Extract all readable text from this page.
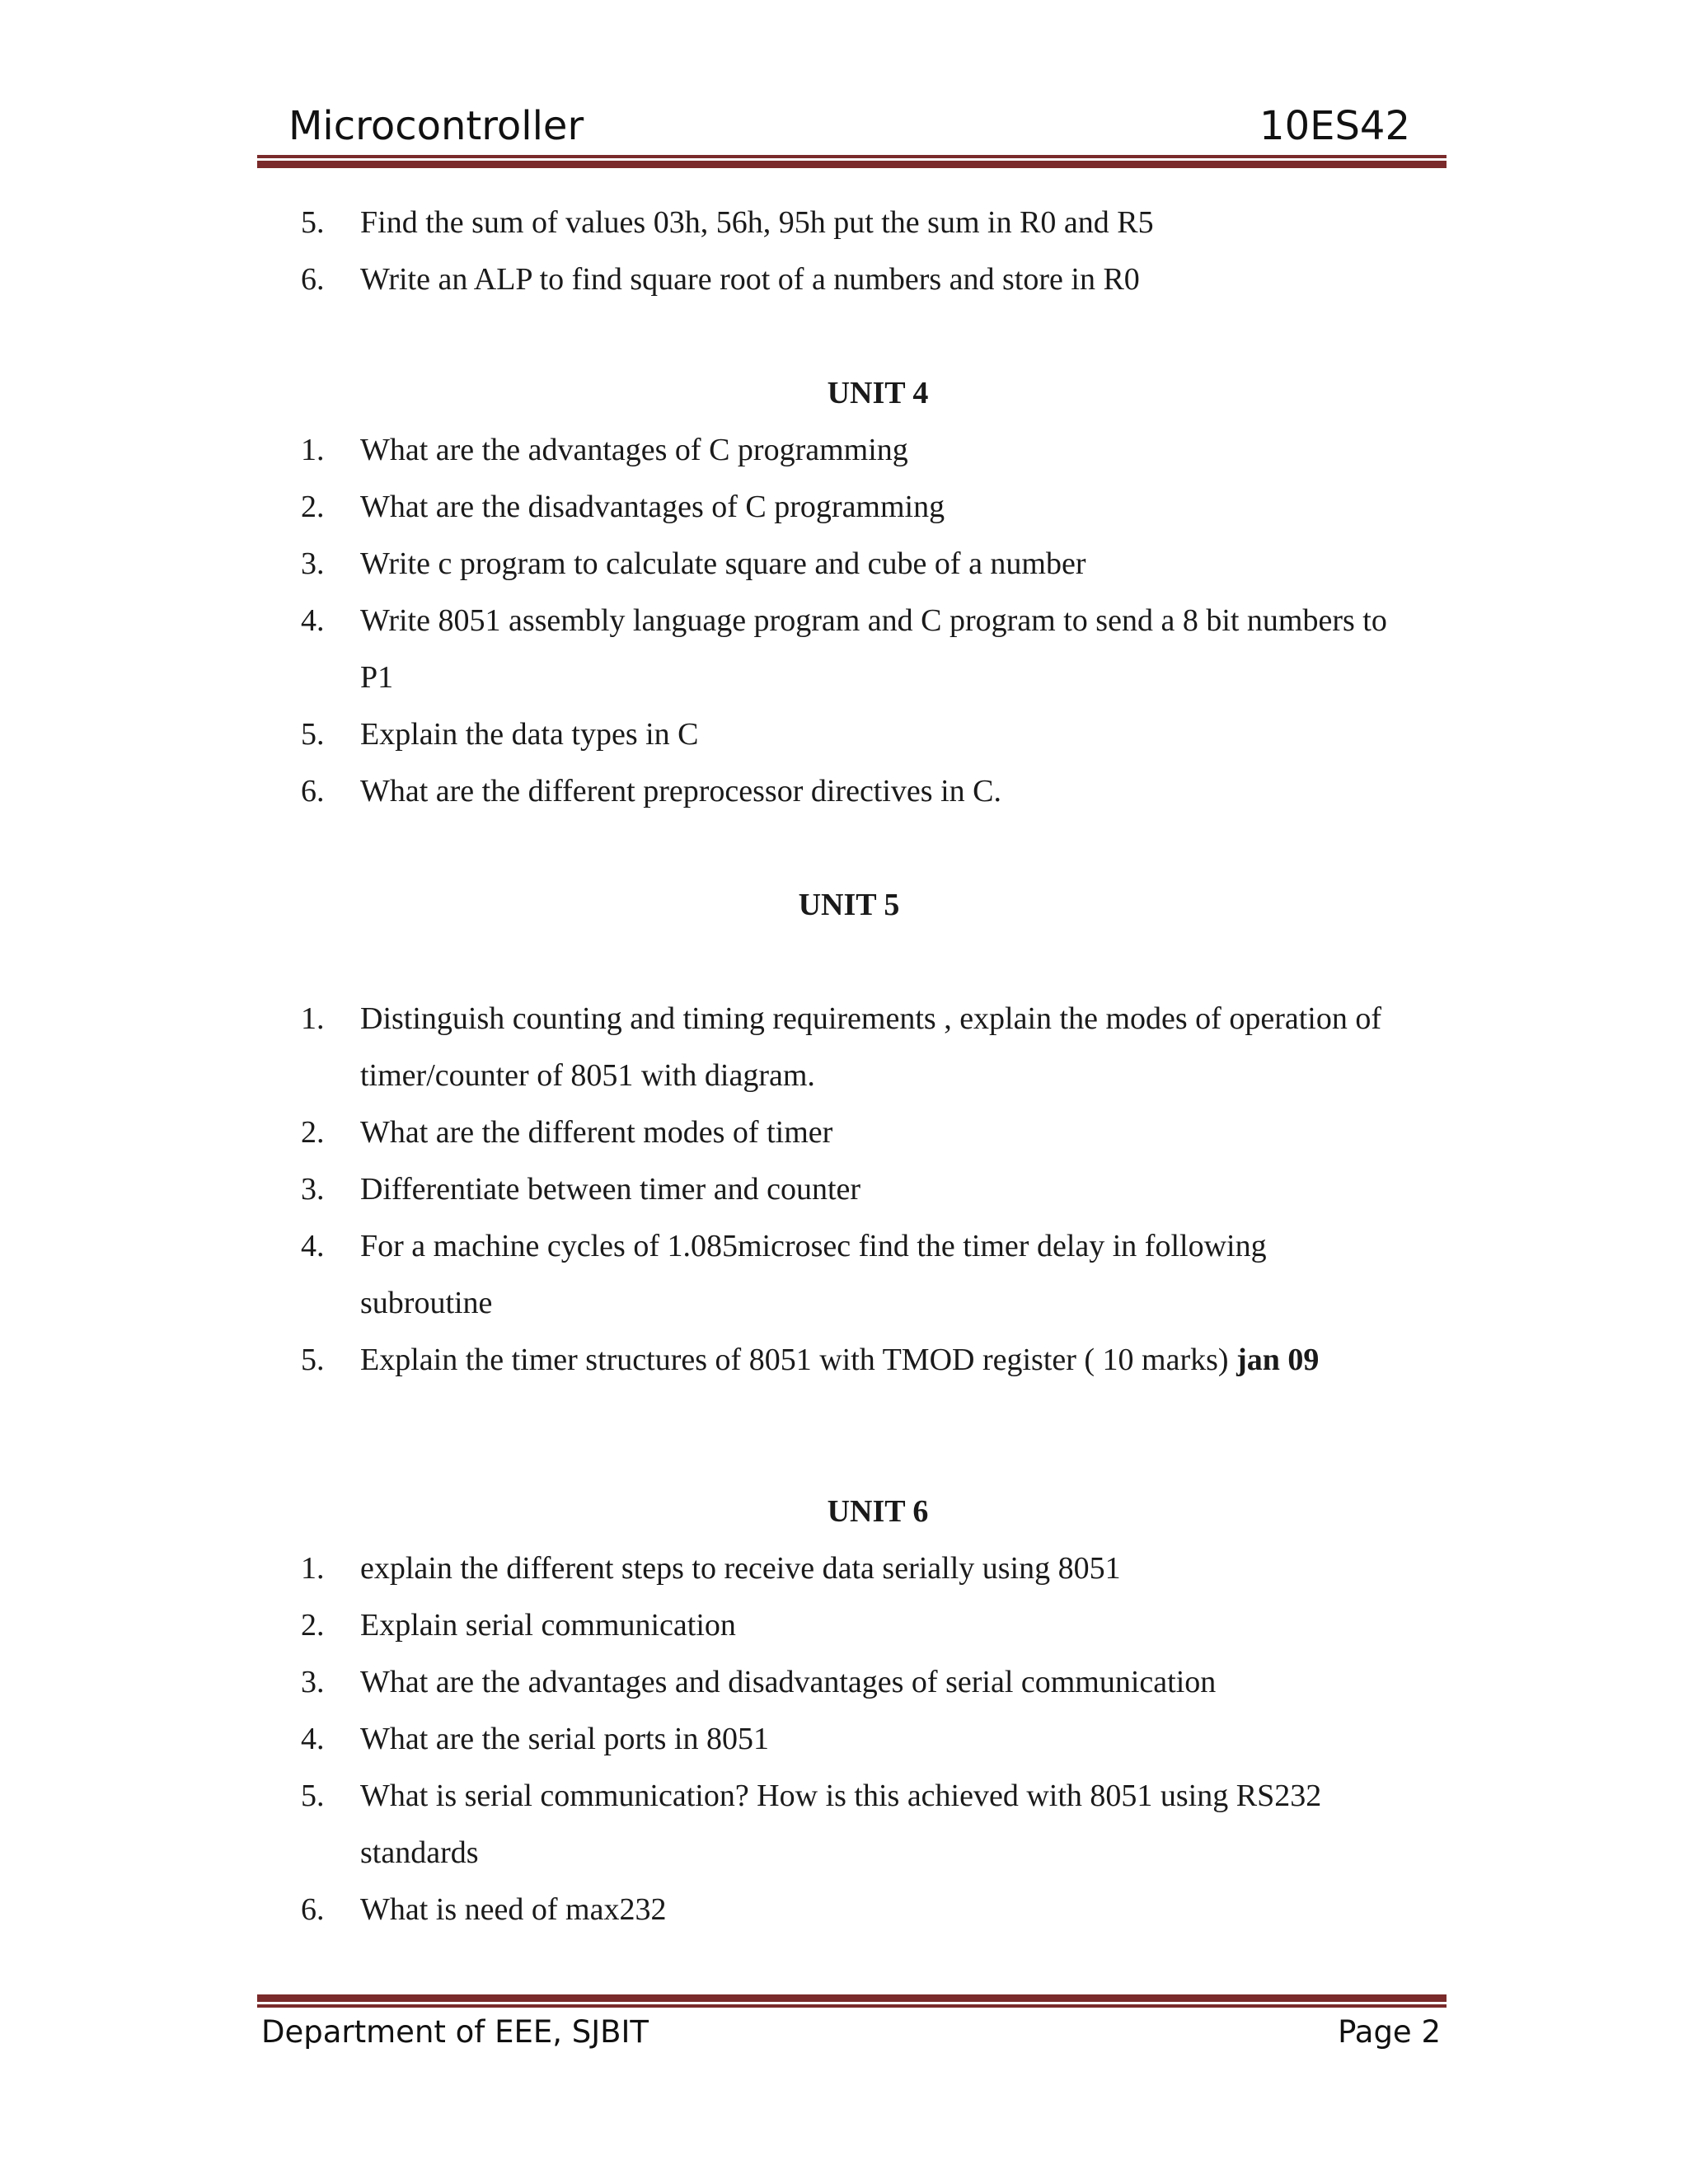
Microcontroller	10ES42
5.	Find the sum of values 03h, 56h, 95h put the sum in R0 and R5
6.	Write an ALP to find square root of a numbers and store in R0
UNIT 4
1.	What are the advantages of C programming
2.	What are the disadvantages of C programming
3.	Write c program to calculate square and cube of a number
4.	Write 8051 assembly language program and C program to send a 8 bit numbers to P1
5.	Explain the data types in C
6.	What are the different preprocessor directives in C.
UNIT 5
1.	Distinguish counting and timing requirements , explain the modes of operation of timer/counter of 8051 with diagram.
2.	What are the different modes of timer
3.	Differentiate between timer and counter
4.	For a machine cycles of 1.085microsec find the timer delay in following subroutine
5.	Explain the timer structures of 8051 with TMOD register ( 10 marks) jan 09
UNIT 6
1.	explain the different steps to receive data serially using 8051
2.	Explain serial communication
3.	What are the advantages and disadvantages of serial communication
4.	What are the serial ports in 8051
5.	What is serial communication? How is this achieved with 8051 using RS232 standards
6.	What is need of max232
Department of EEE, SJBIT	Page 2
